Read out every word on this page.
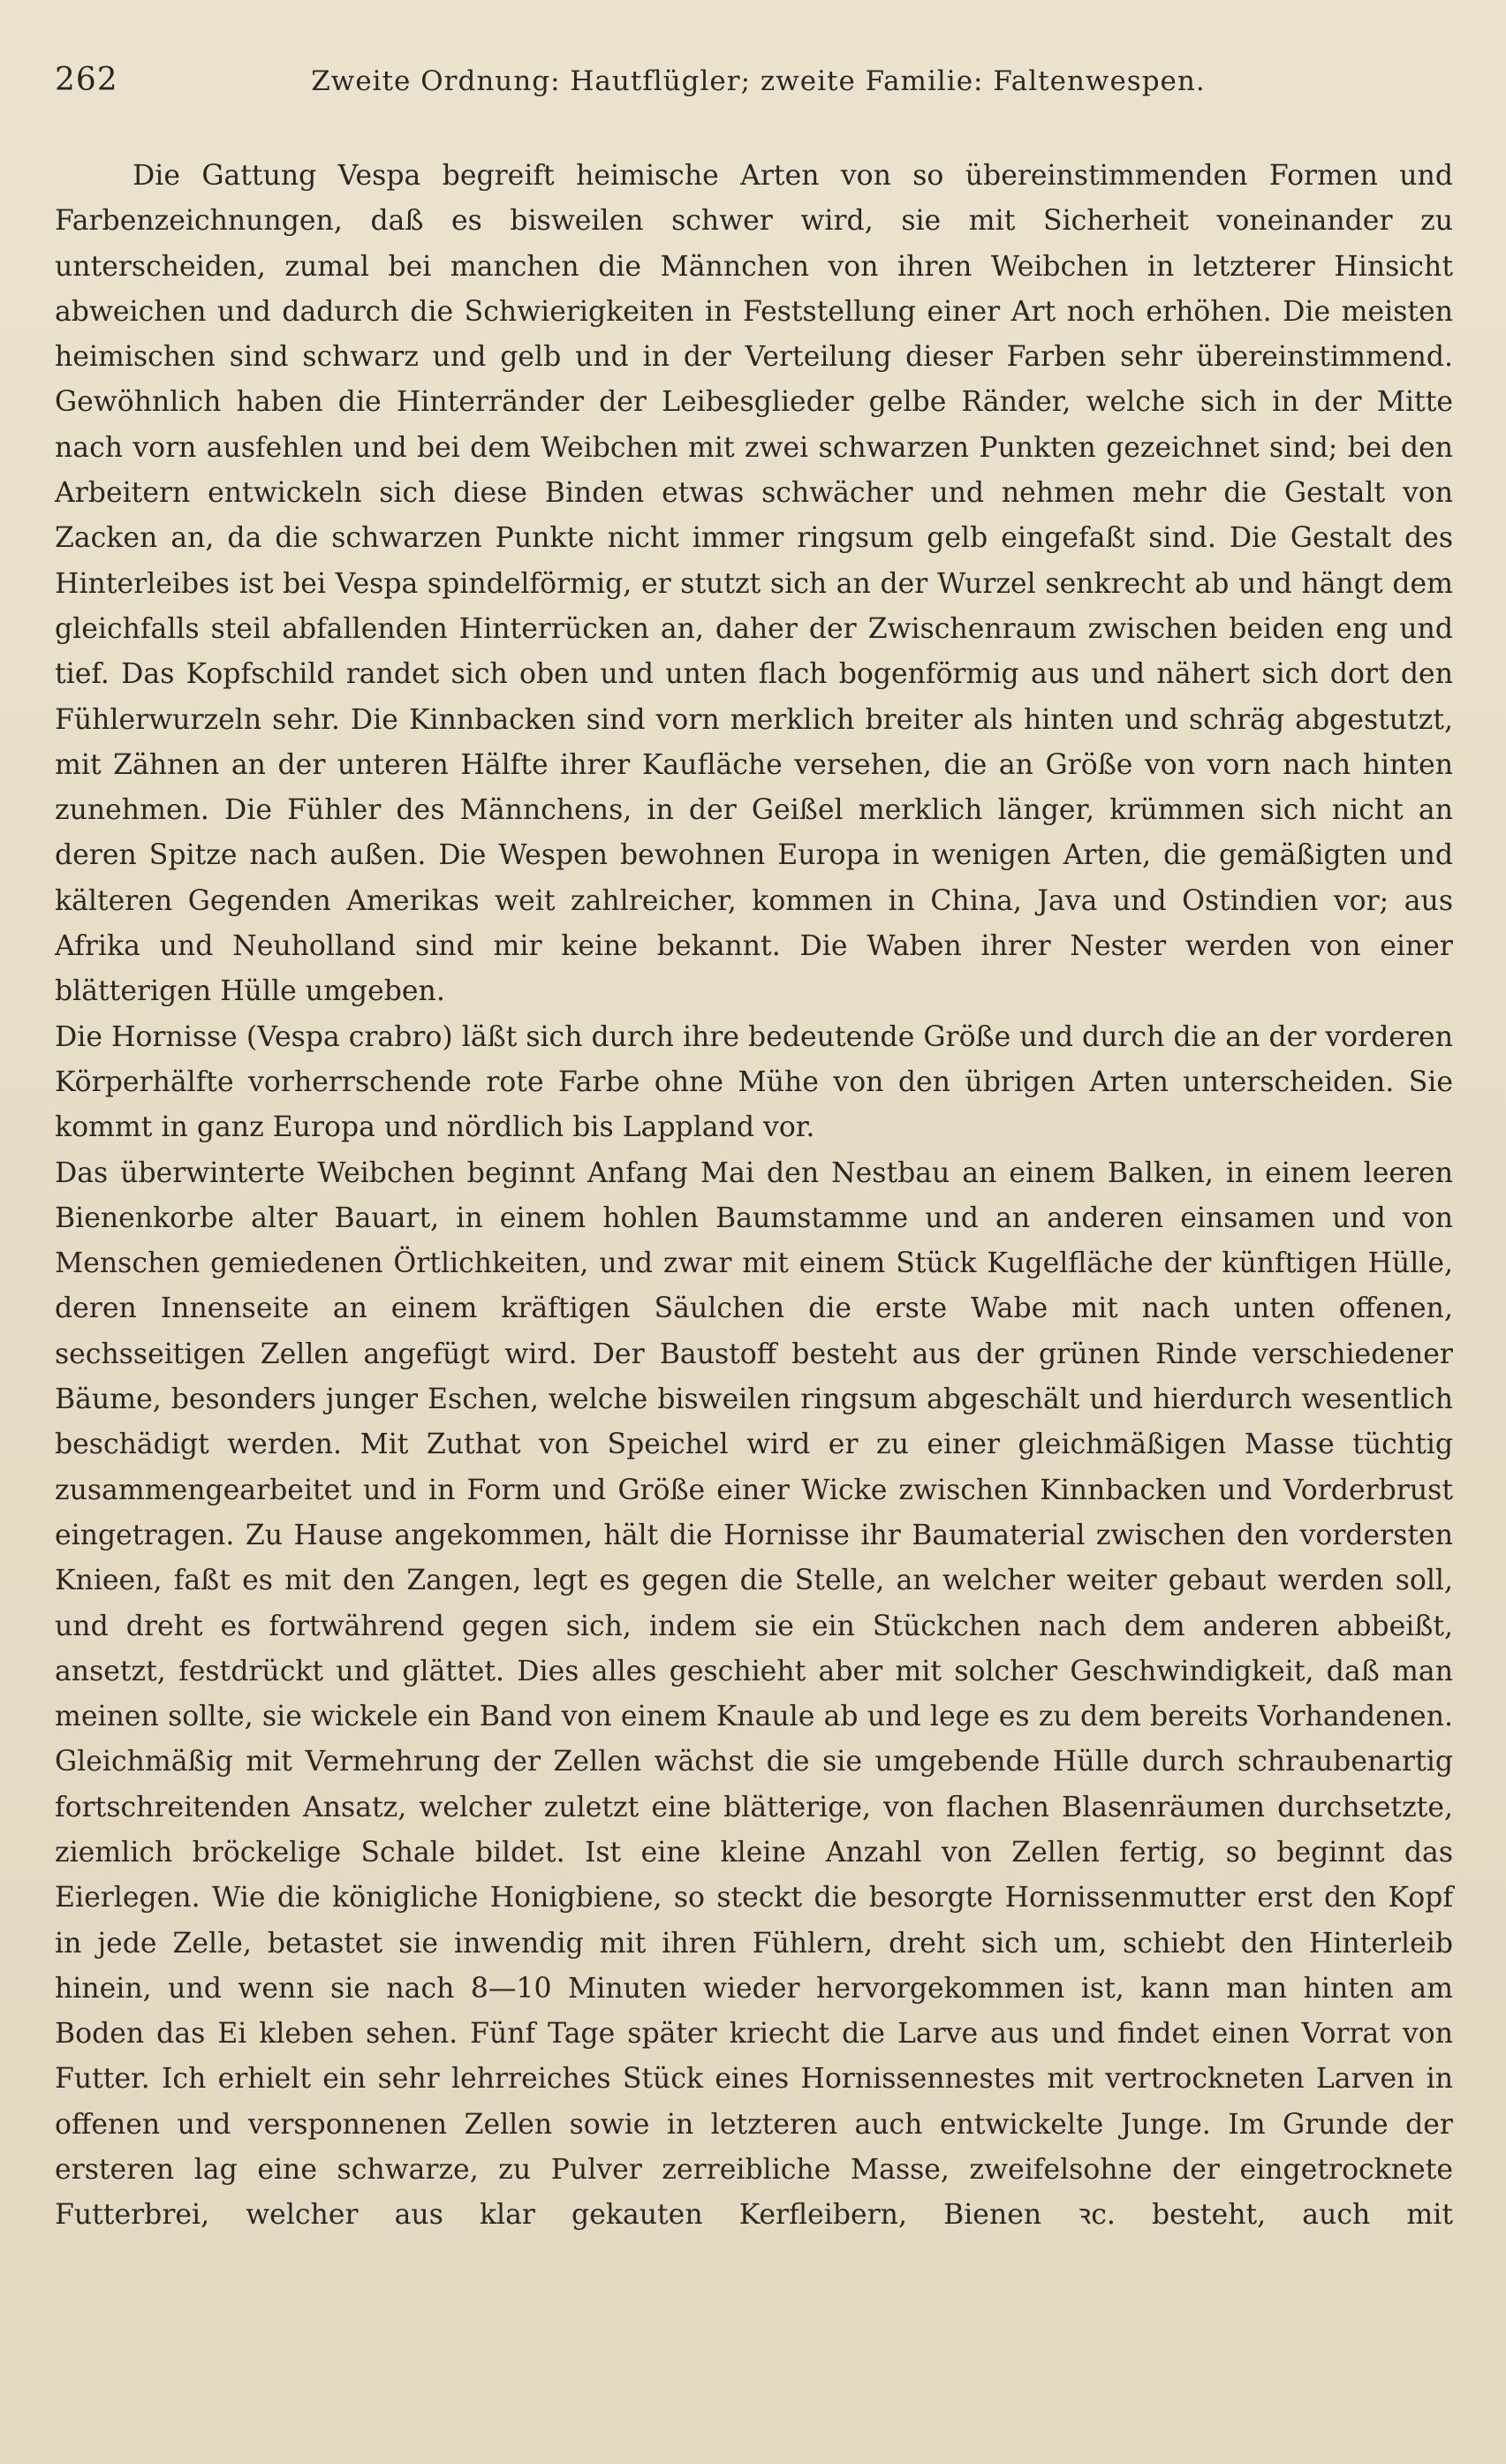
262	Zweite Ordnung: Hautflügler; zweite Familie: Faltenwespen.

Die Gattung Vespa begreift heimische Arten von so übereinstimmenden Formen und Farbenzeichnungen, daß es bisweilen schwer wird, sie mit Sicherheit voneinander zu unterscheiden, zumal bei manchen die Männchen von ihren Weibchen in letzterer Hinsicht abweichen und dadurch die Schwierigkeiten in Feststellung einer Art noch erhöhen. Die meisten heimischen sind schwarz und gelb und in der Verteilung dieser Farben sehr übereinstimmend. Gewöhnlich haben die Hinterränder der Leibesglieder gelbe Ränder, welche sich in der Mitte nach vorn ausfehlen und bei dem Weibchen mit zwei schwarzen Punkten gezeichnet sind; bei den Arbeitern entwickeln sich diese Binden etwas schwächer und nehmen mehr die Gestalt von Zacken an, da die schwarzen Punkte nicht immer ringsum gelb eingefaßt sind. Die Gestalt des Hinterleibes ist bei Vespa spindelförmig, er stutzt sich an der Wurzel senkrecht ab und hängt dem gleichfalls steil abfallenden Hinterrücken an, daher der Zwischenraum zwischen beiden eng und tief. Das Kopfschild randet sich oben und unten flach bogenförmig aus und nähert sich dort den Fühlerwurzeln sehr. Die Kinnbacken sind vorn merklich breiter als hinten und schräg abgestutzt, mit Zähnen an der unteren Hälfte ihrer Kaufläche versehen, die an Größe von vorn nach hinten zunehmen. Die Fühler des Männchens, in der Geißel merklich länger, krümmen sich nicht an deren Spitze nach außen. Die Wespen bewohnen Europa in wenigen Arten, die gemäßigten und kälteren Gegenden Amerikas weit zahlreicher, kommen in China, Java und Ostindien vor; aus Afrika und Neuholland sind mir keine bekannt. Die Waben ihrer Nester werden von einer blätterigen Hülle umgeben.

Die Hornisse (Vespa crabro) läßt sich durch ihre bedeutende Größe und durch die an der vorderen Körperhälfte vorherrschende rote Farbe ohne Mühe von den übrigen Arten unterscheiden. Sie kommt in ganz Europa und nördlich bis Lappland vor.

Das überwinterte Weibchen beginnt Anfang Mai den Nestbau an einem Balken, in einem leeren Bienenkorbe alter Bauart, in einem hohlen Baumstamme und an anderen einsamen und von Menschen gemiedenen Örtlichkeiten, und zwar mit einem Stück Kugelfläche der künftigen Hülle, deren Innenseite an einem kräftigen Säulchen die erste Wabe mit nach unten offenen, sechsseitigen Zellen angefügt wird. Der Baustoff besteht aus der grünen Rinde verschiedener Bäume, besonders junger Eschen, welche bisweilen ringsum abgeschält und hierdurch wesentlich beschädigt werden. Mit Zuthat von Speichel wird er zu einer gleichmäßigen Masse tüchtig zusammengearbeitet und in Form und Größe einer Wicke zwischen Kinnbacken und Vorderbrust eingetragen. Zu Hause angekommen, hält die Hornisse ihr Baumaterial zwischen den vordersten Knieen, faßt es mit den Zangen, legt es gegen die Stelle, an welcher weiter gebaut werden soll, und dreht es fortwährend gegen sich, indem sie ein Stückchen nach dem anderen abbeißt, ansetzt, festdrückt und glättet. Dies alles geschieht aber mit solcher Geschwindigkeit, daß man meinen sollte, sie wickele ein Band von einem Knaule ab und lege es zu dem bereits Vorhandenen. Gleichmäßig mit Vermehrung der Zellen wächst die sie umgebende Hülle durch schraubenartig fortschreitenden Ansatz, welcher zuletzt eine blätterige, von flachen Blasenräumen durchsetzte, ziemlich bröckelige Schale bildet. Ist eine kleine Anzahl von Zellen fertig, so beginnt das Eierlegen. Wie die königliche Honigbiene, so steckt die besorgte Hornissenmutter erst den Kopf in jede Zelle, betastet sie inwendig mit ihren Fühlern, dreht sich um, schiebt den Hinterleib hinein, und wenn sie nach 8—10 Minuten wieder hervorgekommen ist, kann man hinten am Boden das Ei kleben sehen. Fünf Tage später kriecht die Larve aus und findet einen Vorrat von Futter. Ich erhielt ein sehr lehrreiches Stück eines Hornissennestes mit vertrockneten Larven in offenen und versponnenen Zellen sowie in letzteren auch entwickelte Junge. Im Grunde der ersteren lag eine schwarze, zu Pulver zerreibliche Masse, zweifelsohne der eingetrocknete Futterbrei, welcher aus klar gekauten Kerfleibern, Bienen ꝛc. besteht, auch mit
